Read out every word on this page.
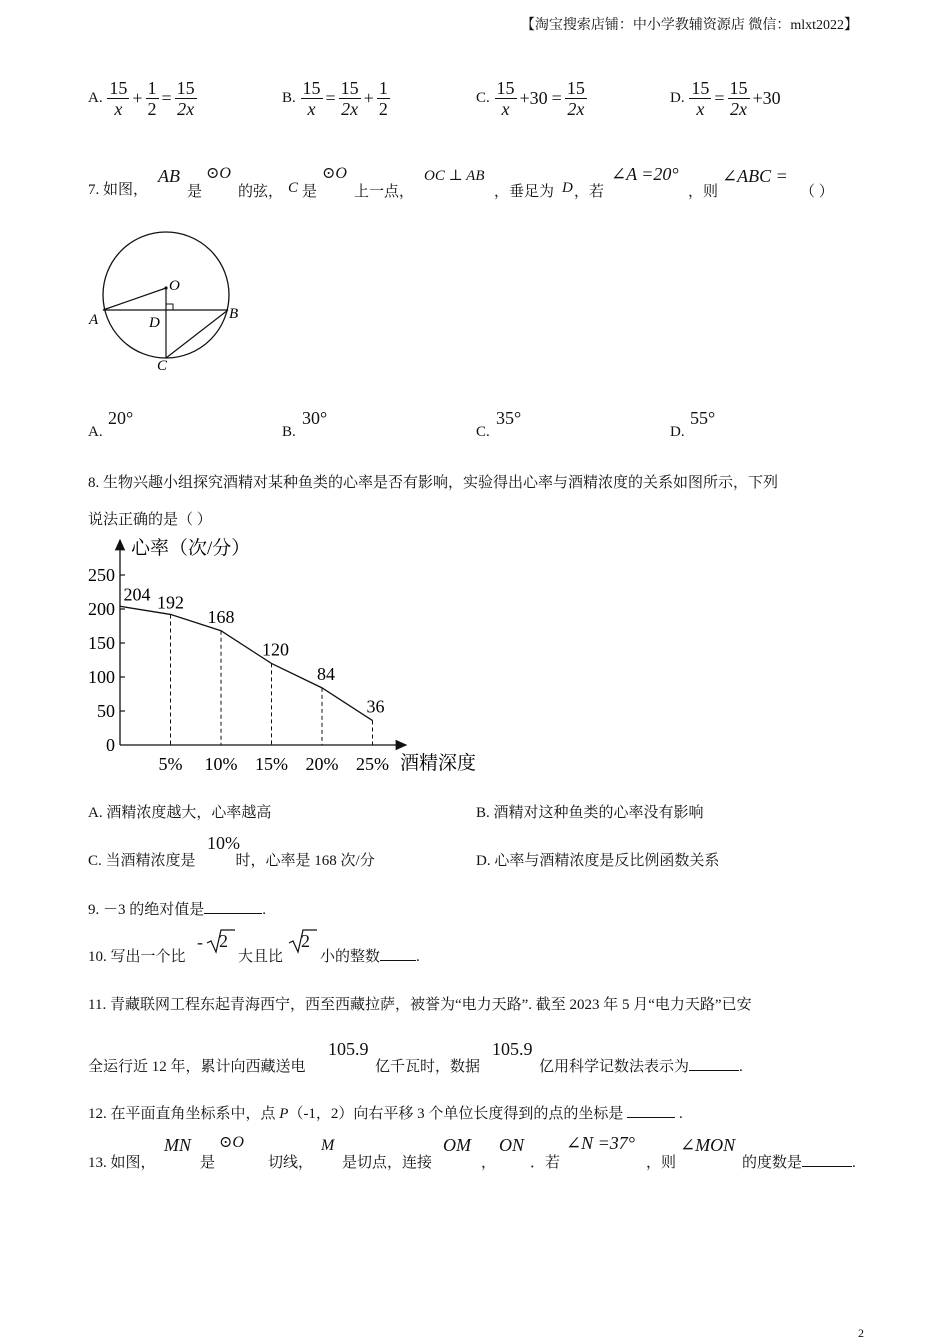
【淘宝搜索店铺：中小学教辅资源店 微信：mlxt2022】
A. $\frac{15}{x} + \frac{1}{2} = \frac{15}{2x}$	B. $\frac{15}{x} = \frac{15}{2x} + \frac{1}{2}$	C. $\frac{15}{x} +30 = \frac{15}{2x}$	D. $\frac{15}{x} = \frac{15}{2x} +30$
7. 如图，
AB
是
⊙O
的弦， C 是
⊙O
上一点，
OC ⊥ AB
，垂足为 D ，若
∠A =20°
，则
∠ABC =
（ ）
O
A	B
C
D
A.
20°
B.
30°
C.
35°
D.
55°
8. 生物兴趣小组探究酒精对某种鱼类的心率是否有影响，实验得出心率与酒精浓度的关系如图所示，下列
说法正确的是（ ）
心率（次/分）
酒精深度
0
50
100
150
200
250
5% 10% 15% 20% 25%
204 192
168
120
84
36
A. 酒精浓度越大，心率越高	B. 酒精对这种鱼类的心率没有影响
C. 当酒精浓度是	时，心率是 168 次/分
10%
D. 心率与酒精浓度是反比例函数关系
9. －3 的绝对值是	.
10. 写出一个比
- 2
大且比
2
小的整数 .
11. 青藏联网工程东起青海西宁，西至西藏拉萨，被誉为“电力天路”. 截至 2023 年 5 月“电力天路”已安
全运行近 12 年，累计向西藏送电
105.9
亿千瓦时，数据
105.9
亿用科学记数法表示为	.
12. 在平面直角坐标系中，点 P（-1，2）向右平移 3 个单位长度得到的点的坐标是	.
13. 如图，
MN
是
⊙O
切线，
M
是切点，连接
OM
，
ON
．若
∠N =37°
，则
∠MON
的度数是	.
2
